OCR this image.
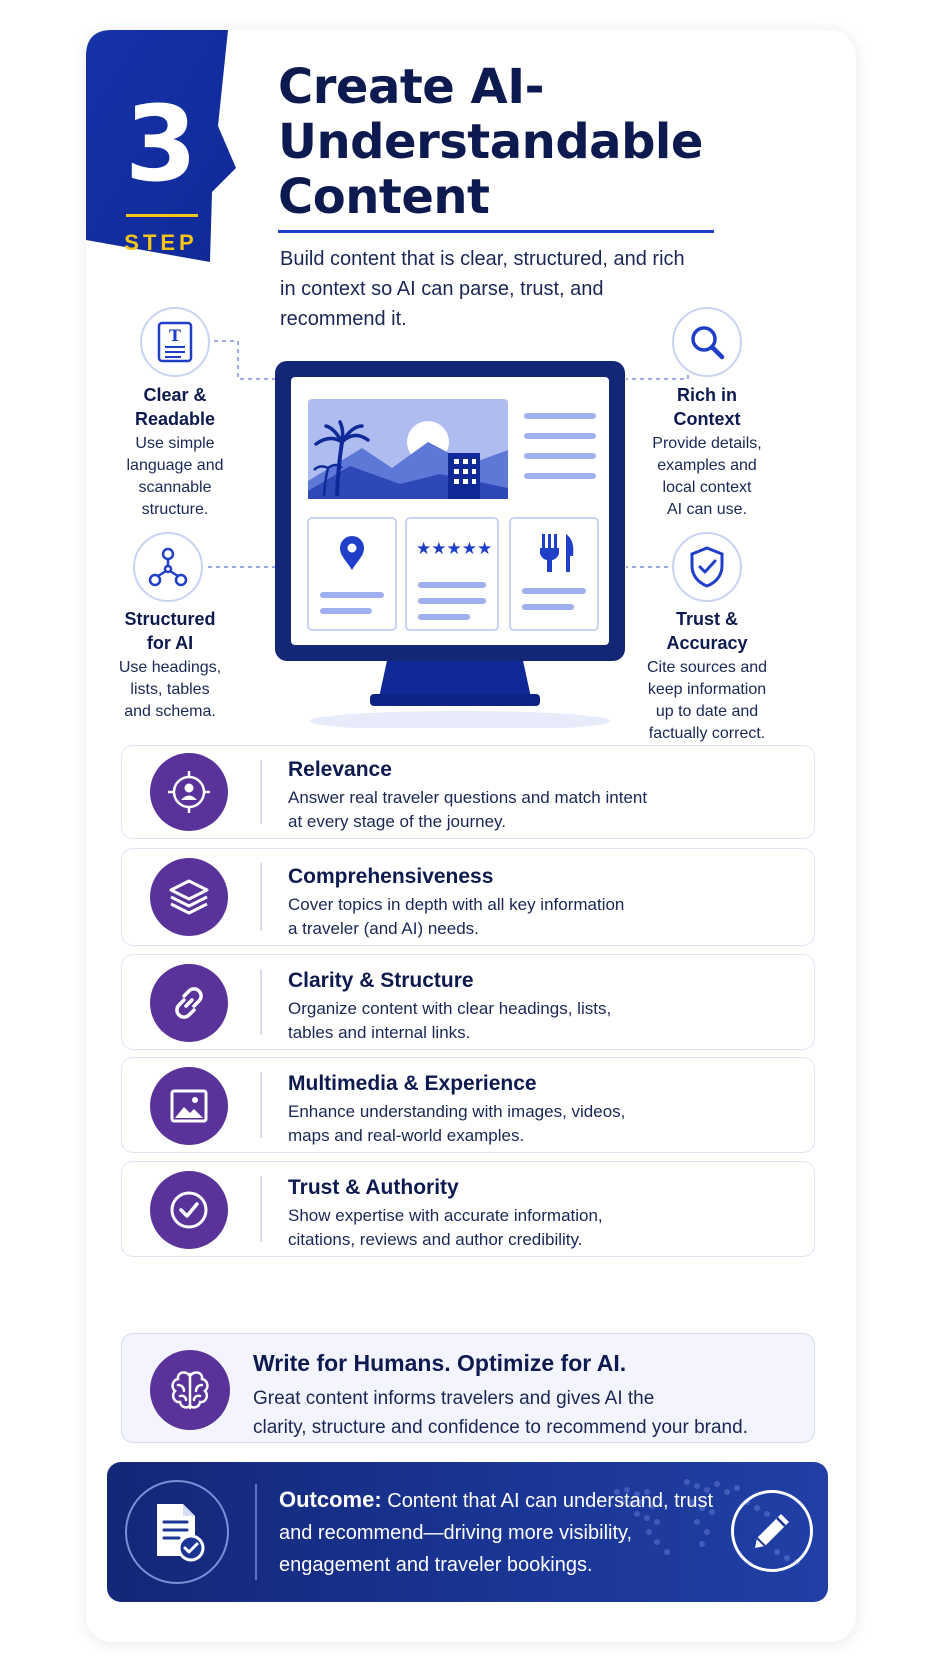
3
STEP
Create AI-
Understandable
Content
Build content that is clear, structured, and rich
in context so AI can parse, trust, and
recommend it.
T
Clear &
Readable
Use simple
language and
scannable
structure.
Rich in
Context
Provide details,
examples and
local context
AI can use.
Structured
for AI
Use headings,
lists, tables
and schema.
Trust &
Accuracy
Cite sources and
keep information
up to date and
factually correct.
★★★★★
Relevance
Answer real traveler questions and match intent
at every stage of the journey.
Comprehensiveness
Cover topics in depth with all key information
a traveler (and AI) needs.
Clarity & Structure
Organize content with clear headings, lists,
tables and internal links.
Multimedia & Experience
Enhance understanding with images, videos,
maps and real-world examples.
Trust & Authority
Show expertise with accurate information,
citations, reviews and author credibility.
Write for Humans. Optimize for AI.
Great content informs travelers and gives AI the
clarity, structure and confidence to recommend your brand.
Outcome: Content that AI can understand, trust
and recommend—driving more visibility,
engagement and traveler bookings.
